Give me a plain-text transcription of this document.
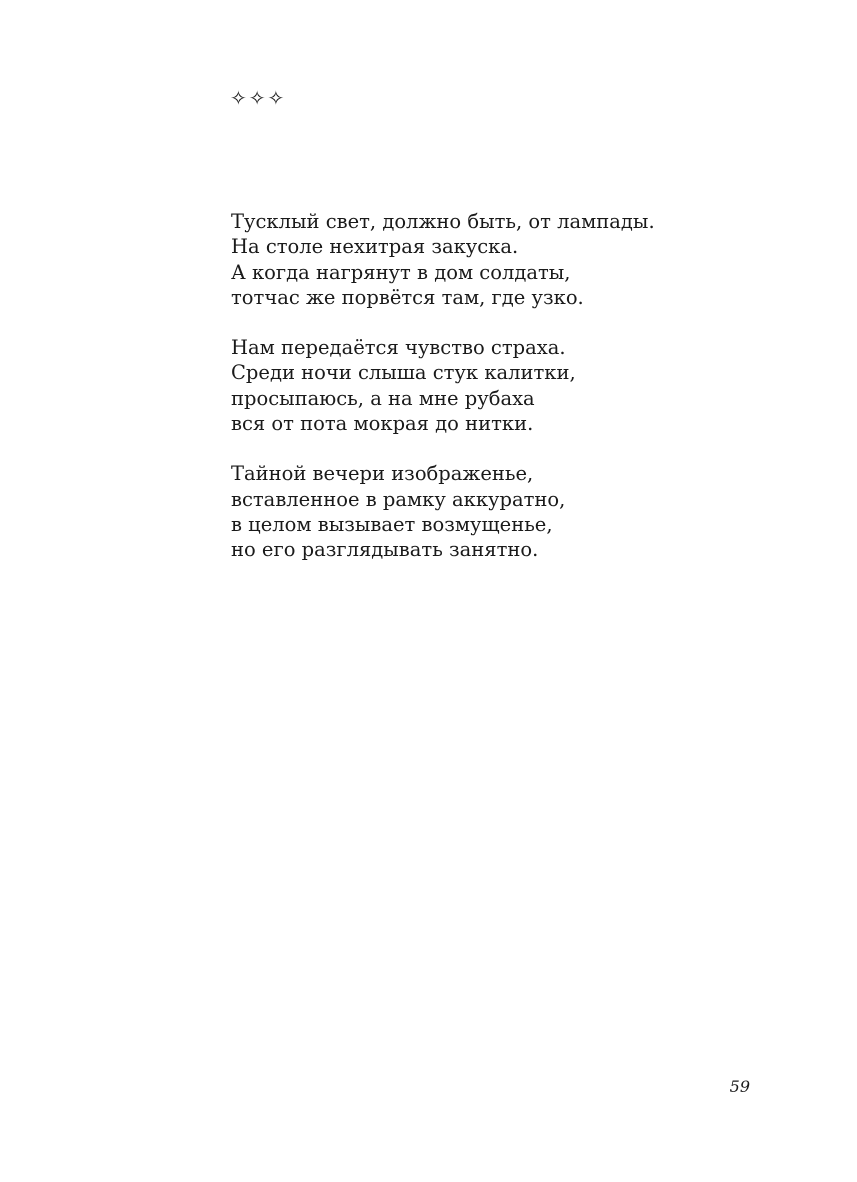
✧✧✧
Тусклый свет, должно быть, от лампады.
На столе нехитрая закуска.
А когда нагрянут в дом солдаты,
тотчас же порвётся там, где узко.
Нам передаётся чувство страха.
Среди ночи слыша стук калитки,
просыпаюсь, а на мне рубаха
вся от пота мокрая до нитки.
Тайной вечери изображенье,
вставленное в рамку аккуратно,
в целом вызывает возмущенье,
но его разглядывать занятно.
59
